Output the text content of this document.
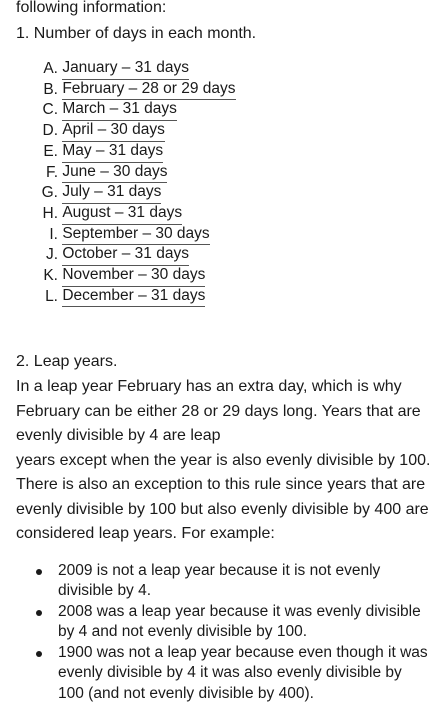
following information:

1. Number of days in each month.

A.
January – 31 days
B.
February – 28 or 29 days
C.
March – 31 days
D.
April – 30 days
E.
May – 31 days
F.
June – 30 days
G.
July – 31 days
H.
August – 31 days
I.
September – 30 days
J.
October – 31 days
K.
November – 30 days
L.
December – 31 days

2. Leap years.

In a leap year February has an extra day, which is why February can be either 28 or 29 days long. Years that are evenly divisible by 4 are leap

years except when the year is also evenly divisible by 100. There is also an exception to this rule since years that are evenly divisible by 100 but also evenly divisible by 400 are considered leap years. For example:

2009 is not a leap year because it is not evenly divisible by 4.
2008 was a leap year because it was evenly divisible by 4 and not evenly divisible by 100.
1900 was not a leap year because even though it was evenly divisible by 4 it was also evenly divisible by 100 (and not evenly divisible by 400).
